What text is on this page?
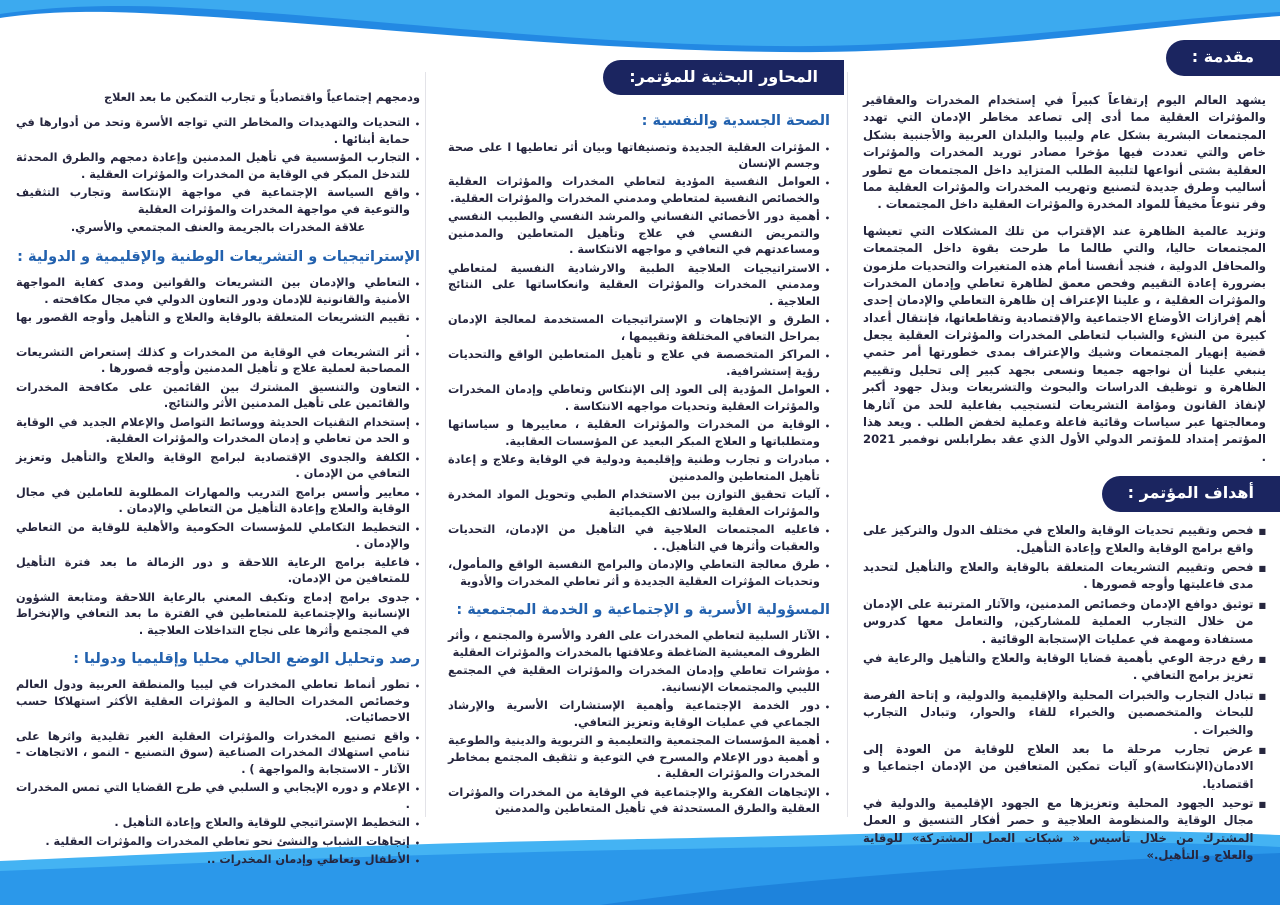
مقدمة :

يشهد العالم اليوم إرتفاعاً كبيراً في إستخدام المخدرات والعقاقير والمؤثرات العقلية مما أدى إلى تصاعد مخاطر الإدمان التي تهدد المجتمعات البشرية بشكل عام وليبيا والبلدان العربية والأجنبية بشكل خاص والتي تعددت فيها مؤخرا مصادر توريد المخدرات والمؤثرات العقلية بشتى أنواعها لتلبية الطلب المتزايد داخل المجتمعات مع تطور أساليب وطرق جديدة لتصنيع وتهريب المخدرات والمؤثرات العقلية مما وفر تنوعاً مخيفاً للمواد المخدرة والمؤثرات العقلية داخل المجتمعات .

وتزيد عالمية الظاهرة عند الإقتراب من تلك المشكلات التي تعيشها المجتمعات حاليا، والتي طالما ما طرحت بقوة داخل المجتمعات والمحافل الدولية ، فنجد أنفسنا أمام هذه المتغيرات والتحديات ملزمون بضرورة إعادة التقييم وفحص معمق لظاهرة تعاطي وإدمان المخدرات والمؤثرات العقلية ، و علينا الإعتراف إن ظاهرة التعاطي والإدمان إحدى أهم إفرازات الأوضاع الاجتماعية والإقتصادية وتقاطعاتها، فإنتقال أعداد كبيرة من النشء والشباب لتعاطى المخدرات والمؤثرات العقلية يجعل قضية إنهيار المجتمعات وشيك والإعتراف بمدى خطورتها أمر حتمي ينبغي علينا أن نواجهه جميعا ونسعى بجهد كبير إلى تحليل وتقييم الظاهرة و توظيف الدراسات والبحوث والتشريعات وبذل جهود أكبر لإنفاذ القانون ومؤامة التشريعات لتستجيب بفاعلية للحد من آثارها ومعالجتها عبر سياسات وقائية فاعلة وعملية لخفض الطلب . ويعد هذا المؤتمر إمتداد للمؤتمر الدولي الأول الذي عقد بطرابلس نوفمبر 2021 .

أهداف المؤتمر :
■
فحص وتقييم تحديات الوقاية والعلاج في مختلف الدول والتركيز على واقع برامج الوقاية والعلاج وإعادة التأهيل.
■
فحص وتقييم التشريعات المتعلقة بالوقاية والعلاج والتأهيل لتحديد مدى فاعليتها وأوجه قصورها .
■
توثيق دوافع الإدمان وخصائص المدمنين، والآثار المترتبة على الإدمان من خلال التجارب العملية للمشاركين, والتعامل معها كدروس مستفادة ومهمة في عمليات الإستجابة الوقائية .
■
رفع درجة الوعي بأهمية قضايا الوقاية والعلاج والتأهيل والرعاية في تعزيز برامج التعافي .
■
تبادل التجارب والخبرات المحلية والإقليمية والدولية، و إتاحة الفرصة للبحاث والمتخصصين والخبراء للقاء والحوار، وتبادل التجارب والخبرات .
■
عرض تجارب مرحلة ما بعد العلاج للوقاية من العودة إلى الادمان(الإنتكاسة)و آليات تمكين المتعافين من الإدمان اجتماعيا و اقتصاديا.
■
توحيد الجهود المحلية وتعزيزها مع الجهود الإقليمية والدولية في مجال الوقاية والمنظومة العلاجية و حصر أفكار التنسيق و العمل المشترك من خلال تأسيس « شبكات العمل المشتركة» للوقاية والعلاج و التأهيل.»
المحاور البحثية للمؤتمر:
الصحة الجسدية والنفسية :
•
المؤثرات العقلية الجديدة وتصنيفاتها وبيان أثر تعاطيها ا على صحة وجسم الإنسان
•
العوامل النفسية المؤدية لتعاطي المخدرات والمؤثرات العقلية والخصائص النفسية لمتعاطي ومدمني المخدرات والمؤثرات العقلية.
•
أهمية دور الأخصائي النفساني والمرشد النفسي والطبيب النفسي والتمريض النفسي في علاج وتأهيل المتعاطين والمدمنين ومساعدتهم في التعافي و مواجهه الانتكاسة .
•
الاستراتيجيات العلاجية الطبية والارشادية النفسية لمتعاطي ومدمني المخدرات والمؤثرات العقلية وانعكاساتها على النتائج العلاجية .
•
الطرق و الإتجاهات و الإستراتيجيات المستخدمة لمعالجة الإدمان بمراحل التعافي المختلفة وتقييمها ،
•
المراكز المتخصصة في علاج و تأهيل المتعاطين الواقع والتحديات رؤية إستشرافية.
•
العوامل المؤدية إلى العود إلى الإنتكاس وتعاطي وإدمان المخدرات والمؤثرات العقلية وتحديات مواجهه الانتكاسة .
•
الوقاية من المخدرات والمؤثرات العقلية ، معاييرها و سياساتها ومتطلباتها و العلاج المبكر البعيد عن المؤسسات العقابية.
•
مبادرات و تجارب وطنية وإقليمية ودولية في الوقاية وعلاج و إعادة تأهيل المتعاطين والمدمنين
•
آليات تحقيق التوازن بين الاستخدام الطبي وتحويل المواد المخدرة والمؤثرات العقلية والسلائف الكيميائية
•
فاعليه المجتمعات العلاجية في التأهيل من الإدمان، التحديات والعقبات وأثرها في التأهيل. .
•
طرق معالجة التعاطي والإدمان والبرامج النفسية الواقع والمأمول، وتحديات المؤثرات العقلية الجديدة و أثر تعاطي المخدرات والأدوية
المسؤولية الأسرية و الإجتماعية و الخدمة المجتمعية :
•
الآثار السلبية لتعاطي المخدرات على الفرد والأسرة والمجتمع ، وأثر الظروف المعيشية الضاغطة وعلاقتها بالمخدرات والمؤثرات العقلية
•
مؤشرات تعاطي وإدمان المخدرات والمؤثرات العقلية في المجتمع الليبي والمجتمعات الإنسانية.
•
دور الخدمة الإجتماعية وأهمية الإستشارات الأسرية والإرشاد الجماعي في عمليات الوقاية وتعزيز التعافي.
•
أهمية المؤسسات المجتمعية والتعليمية و التربوية والدينية والطوعية و أهمية دور الإعلام والمسرح في التوعية و تثقيف المجتمع بمخاطر المخدرات والمؤثرات العقلية .
•
الإتجاهات الفكرية والإجتماعية في الوقاية من المخدرات والمؤثرات العقلية والطرق المستحدثة في تأهيل المتعاطين والمدمنين

ودمجهم إجتماعياً واقتصادياً و تجارب التمكين ما بعد العلاج

•
التحديات والتهديدات والمخاطر التي تواجه الأسرة وتحد من أدوارها في حماية أبنائها .
•
التجارب المؤسسية في تأهيل المدمنين وإعادة دمجهم والطرق المحدثة للتدخل المبكر في الوقاية من المخدرات والمؤثرات العقلية .
•
واقع السياسة الإجتماعية في مواجهة الإنتكاسة وتجارب التثقيف والتوعية في مواجهة المخدرات والمؤثرات العقلية

علاقة المخدرات بالجريمة والعنف المجتمعي والأسري.

الإستراتيجيات و التشريعات الوطنية والإقليمية و الدولية :
•
التعاطي والإدمان بين التشريعات والقوانين ومدى كفاية المواجهة الأمنية والقانونية للإدمان ودور التعاون الدولي في مجال مكافحته .
•
تقييم التشريعات المتعلقة بالوقاية والعلاج و التأهيل وأوجه القصور بها .
•
أثر التشريعات في الوقاية من المخدرات و كذلك إستعراض التشريعات المصاحبة لعملية علاج و تأهيل المدمنين وأوجه قصورها .
•
التعاون والتنسيق المشترك بين القائمين على مكافحة المخدرات والقائمين على تأهيل المدمنين الأثر والنتائج.
•
إستخدام التقنيات الحديثة ووسائط التواصل والإعلام الجديد في الوقاية و الحد من تعاطي و إدمان المخدرات والمؤثرات العقلية.
•
الكلفة والجدوى الإقتصادية لبرامج الوقاية والعلاج والتأهيل وتعزيز التعافي من الإدمان .
•
معايير وأسس برامج التدريب والمهارات المطلوبة للعاملين في مجال الوقاية والعلاج وإعادة التأهيل من التعاطي والإدمان .
•
التخطيط التكاملي للمؤسسات الحكومية والأهلية للوقاية من التعاطي والإدمان .
•
فاعلية برامج الرعاية اللاحقة و دور الزمالة ما بعد فترة التأهيل للمتعافين من الإدمان.
•
جدوى برامج إدماج وتكيف المعني بالرعاية اللاحقة ومتابعة الشؤون الإنسانية والإجتماعية للمتعاطين في الفترة ما بعد التعافي والإنخراط في المجتمع وأثرها على نجاح التداخلات العلاجية .
رصد وتحليل الوضع الحالي محليا وإقليميا ودوليا :
•
تطور أنماط تعاطي المخدرات في ليبيا والمنطقة العربية ودول العالم وخصائص المخدرات الحالية و المؤثرات العقلية الأكثر استهلاكا حسب الاحصائيات.
•
واقع تصنيع المخدرات والمؤثرات العقلية الغير تقليدية واثرها على تنامي استهلاك المخدرات الصناعية (سوق التصنيع - النمو ، الاتجاهات - الآثار - الاستجابة والمواجهة ) .
•
الإعلام و دوره الإيجابي و السلبي في طرح القضايا التي تمس المخدرات .
•
التخطيط الإستراتيجي للوقاية والعلاج وإعادة التأهيل .
•
إتجاهات الشباب والنشئ نحو تعاطي المخدرات والمؤثرات العقلية .
•
الأطفال وتعاطي وإدمان المخدرات ..
